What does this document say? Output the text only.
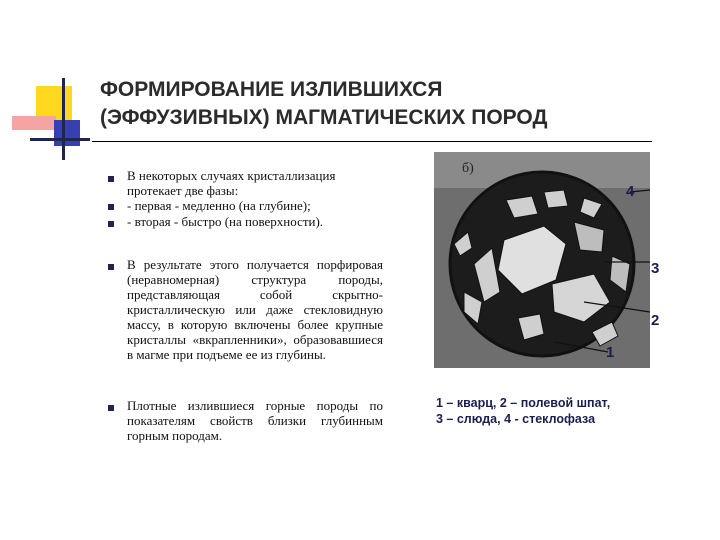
ФОРМИРОВАНИЕ ИЗЛИВШИХСЯ
(ЭФФУЗИВНЫХ) МАГМАТИЧЕСКИХ ПОРОД
В некоторых случаях кристаллизация протекает две фазы:
- первая - медленно (на глубине);
- вторая - быстро (на поверхности).
В результате этого получается порфировая (неравномерная) структура породы, представляющая собой скрытно-кристаллическую или даже стекловидную массу, в которую включены более крупные кристаллы «вкрапленники», образовавшиеся в магме при подъеме ее из глубины.
Плотные излившиеся горные породы по показателям свойств близки глубинным горным породам.
б)
4
3
2
1
1 – кварц, 2 – полевой шпат,
3 – слюда, 4 - стеклофаза
